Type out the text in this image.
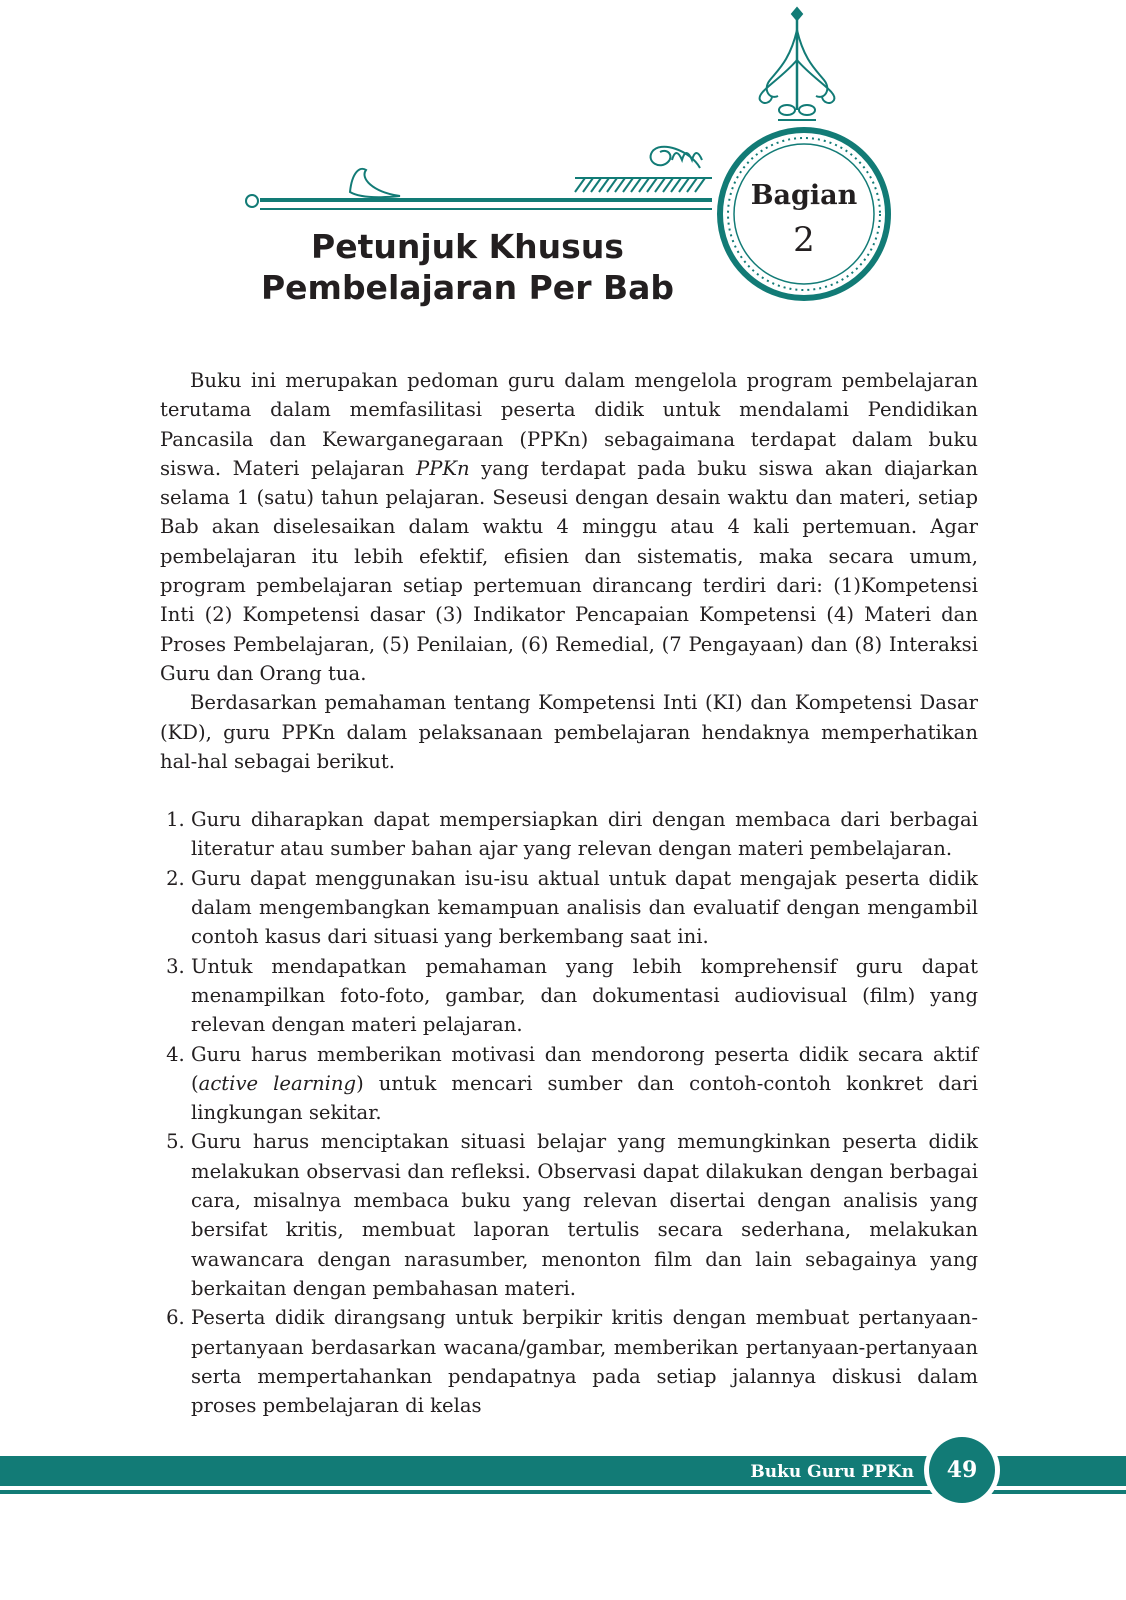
Bagian
2
Petunjuk Khusus
Pembelajaran Per Bab

Buku ini merupakan pedoman guru dalam mengelola program pembelajaran terutama dalam memfasilitasi peserta didik untuk mendalami Pendidikan Pancasila dan Kewarganegaraan (PPKn) sebagaimana terdapat dalam buku siswa. Materi pelajaran PPKn yang terdapat pada buku siswa akan diajarkan selama 1 (satu) tahun pelajaran. Seseusi dengan desain waktu dan materi, setiap Bab akan diselesaikan dalam waktu 4 minggu atau 4 kali pertemuan. Agar pembelajaran itu lebih efektif, efisien dan sistematis, maka secara umum, program pembelajaran setiap pertemuan dirancang terdiri dari: (1)Kompetensi Inti (2) Kompetensi dasar (3) Indikator Pencapaian Kompetensi (4) Materi dan Proses Pembelajaran, (5) Penilaian, (6) Remedial, (7 Pengayaan) dan (8) Interaksi Guru dan Orang tua.

Berdasarkan pemahaman tentang Kompetensi Inti (KI) dan Kompetensi Dasar (KD), guru PPKn dalam pelaksanaan pembelajaran hendaknya memperhatikan hal-hal sebagai berikut.

1. Guru diharapkan dapat mempersiapkan diri dengan membaca dari berbagai literatur atau sumber bahan ajar yang relevan dengan materi pembelajaran.
2. Guru dapat menggunakan isu-isu aktual untuk dapat mengajak peserta didik dalam mengembangkan kemampuan analisis dan evaluatif dengan mengambil contoh kasus dari situasi yang berkembang saat ini.
3. Untuk mendapatkan pemahaman yang lebih komprehensif guru dapat menampilkan foto-foto, gambar, dan dokumentasi audiovisual (film) yang relevan dengan materi pelajaran.
4. Guru harus memberikan motivasi dan mendorong peserta didik secara aktif (active learning) untuk mencari sumber dan contoh-contoh konkret dari lingkungan sekitar.
5. Guru harus menciptakan situasi belajar yang memungkinkan peserta didik melakukan observasi dan refleksi. Observasi dapat dilakukan dengan berbagai cara, misalnya membaca buku yang relevan disertai dengan analisis yang bersifat kritis, membuat laporan tertulis secara sederhana, melakukan wawancara dengan narasumber, menonton film dan lain sebagainya yang berkaitan dengan pembahasan materi.
6. Peserta didik dirangsang untuk berpikir kritis dengan membuat pertanyaan-pertanyaan berdasarkan wacana/gambar, memberikan pertanyaan-pertanyaan serta mempertahankan pendapatnya pada setiap jalannya diskusi dalam proses pembelajaran di kelas
Buku Guru PPKn	49
